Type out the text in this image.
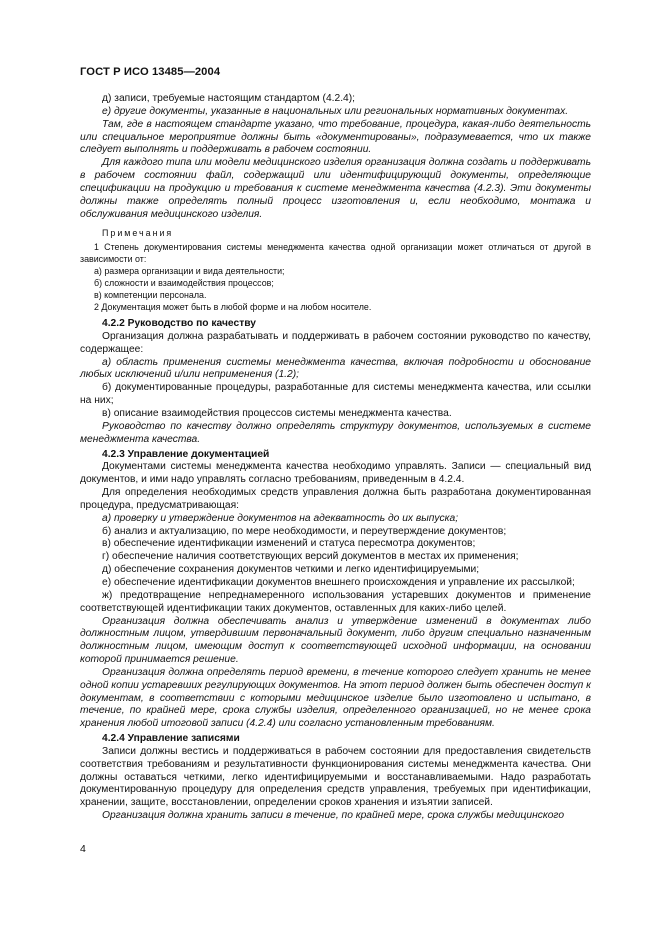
ГОСТ Р ИСО 13485—2004

д) записи, требуемые настоящим стандартом (4.2.4);

е) другие документы, указанные в национальных или региональных нормативных документах.

Там, где в настоящем стандарте указано, что требование, процедура, какая-либо деятельность или специальное мероприятие должны быть «документированы», подразумевается, что их также следует выполнять и поддерживать в рабочем состоянии.

Для каждого типа или модели медицинского изделия организация должна создать и поддерживать в рабочем состоянии файл, содержащий или идентифицирующий документы, определяющие спецификации на продукцию и требования к системе менеджмента качества (4.2.3). Эти документы должны также определять полный процесс изготовления и, если необходимо, монтажа и обслуживания медицинского изделия.

Примечания

1 Степень документирования системы менеджмента качества одной организации может отличаться от другой в зависимости от:

а) размера организации и вида деятельности;

б) сложности и взаимодействия процессов;

в) компетенции персонала.

2 Документация может быть в любой форме и на любом носителе.

4.2.2 Руководство по качеству

Организация должна разрабатывать и поддерживать в рабочем состоянии руководство по качеству, содержащее:

а) область применения системы менеджмента качества, включая подробности и обоснование любых исключений и/или неприменения (1.2);

б) документированные процедуры, разработанные для системы менеджмента качества, или ссылки на них;

в) описание взаимодействия процессов системы менеджмента качества.

Руководство по качеству должно определять структуру документов, используемых в системе менеджмента качества.

4.2.3 Управление документацией

Документами системы менеджмента качества необходимо управлять. Записи — специальный вид документов, и ими надо управлять согласно требованиям, приведенным в 4.2.4.

Для определения необходимых средств управления должна быть разработана документированная процедура, предусматривающая:

а) проверку и утверждение документов на адекватность до их выпуска;

б) анализ и актуализацию, по мере необходимости, и переутверждение документов;

в) обеспечение идентификации изменений и статуса пересмотра документов;

г) обеспечение наличия соответствующих версий документов в местах их применения;

д) обеспечение сохранения документов четкими и легко идентифицируемыми;

е) обеспечение идентификации документов внешнего происхождения и управление их рассылкой;

ж) предотвращение непреднамеренного использования устаревших документов и применение соответствующей идентификации таких документов, оставленных для каких-либо целей.

Организация должна обеспечивать анализ и утверждение изменений в документах либо должностным лицом, утвердившим первоначальный документ, либо другим специально назначенным должностным лицом, имеющим доступ к соответствующей исходной информации, на основании которой принимается решение.

Организация должна определять период времени, в течение которого следует хранить не менее одной копии устаревших регулирующих документов. На этот период должен быть обеспечен доступ к документам, в соответствии с которыми медицинское изделие было изготовлено и испытано, в течение, по крайней мере, срока службы изделия, определенного организацией, но не менее срока хранения любой итоговой записи (4.2.4) или согласно установленным требованиям.

4.2.4 Управление записями

Записи должны вестись и поддерживаться в рабочем состоянии для предоставления свидетельств соответствия требованиям и результативности функционирования системы менеджмента качества. Они должны оставаться четкими, легко идентифицируемыми и восстанавливаемыми. Надо разработать документированную процедуру для определения средств управления, требуемых при идентификации, хранении, защите, восстановлении, определении сроков хранения и изъятии записей.

Организация должна хранить записи в течение, по крайней мере, срока службы медицинского

4
